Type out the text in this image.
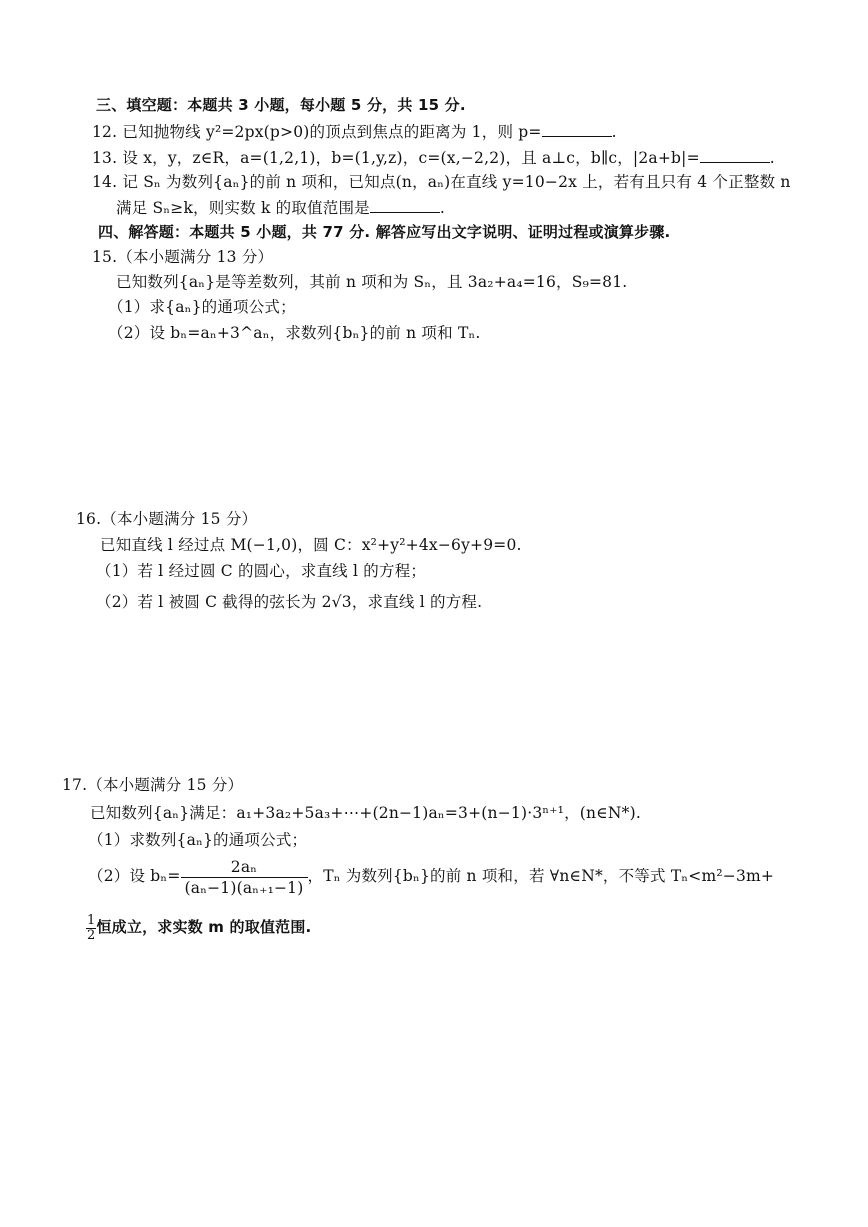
三、填空题：本题共 3 小题，每小题 5 分，共 15 分.
12. 已知抛物线 y²=2px(p>0)的顶点到焦点的距离为 1，则 p=	.
13. 设 x，y，z∈R，a=(1,2,1)，b=(1,y,z)，c=(x,−2,2)，且 a⊥c，b∥c，|2a+b|=	.
14. 记 Sₙ 为数列{aₙ}的前 n 项和，已知点(n，aₙ)在直线 y=10−2x 上，若有且只有 4 个正整数 n
满足 Sₙ≥k，则实数 k 的取值范围是	.
四、解答题：本题共 5 小题，共 77 分. 解答应写出文字说明、证明过程或演算步骤.
15.（本小题满分 13 分）
已知数列{aₙ}是等差数列，其前 n 项和为 Sₙ，且 3a₂+a₄=16，S₉=81.
（1）求{aₙ}的通项公式；
（2）设 bₙ=aₙ+3^aₙ，求数列{bₙ}的前 n 项和 Tₙ.
16.（本小题满分 15 分）
已知直线 l 经过点 M(−1,0)，圆 C：x²+y²+4x−6y+9=0.
（1）若 l 经过圆 C 的圆心，求直线 l 的方程；
（2）若 l 被圆 C 截得的弦长为 2√3，求直线 l 的方程.
17.（本小题满分 15 分）
已知数列{aₙ}满足：a₁+3a₂+5a₃+⋯+(2n−1)aₙ=3+(n−1)·3ⁿ⁺¹，(n∈N*).
（1）求数列{aₙ}的通项公式；
（2）设 $b_n= \frac{\text{2aₙ}}{\text{(aₙ−1)(aₙ₊₁−1)}}$ ，Tₙ 为数列{bₙ}的前 n 项和，若 ∀n∈N*，不等式 Tₙ<m²−3m+
$\frac{1}{2}$ 恒成立，求实数 m 的取值范围.
